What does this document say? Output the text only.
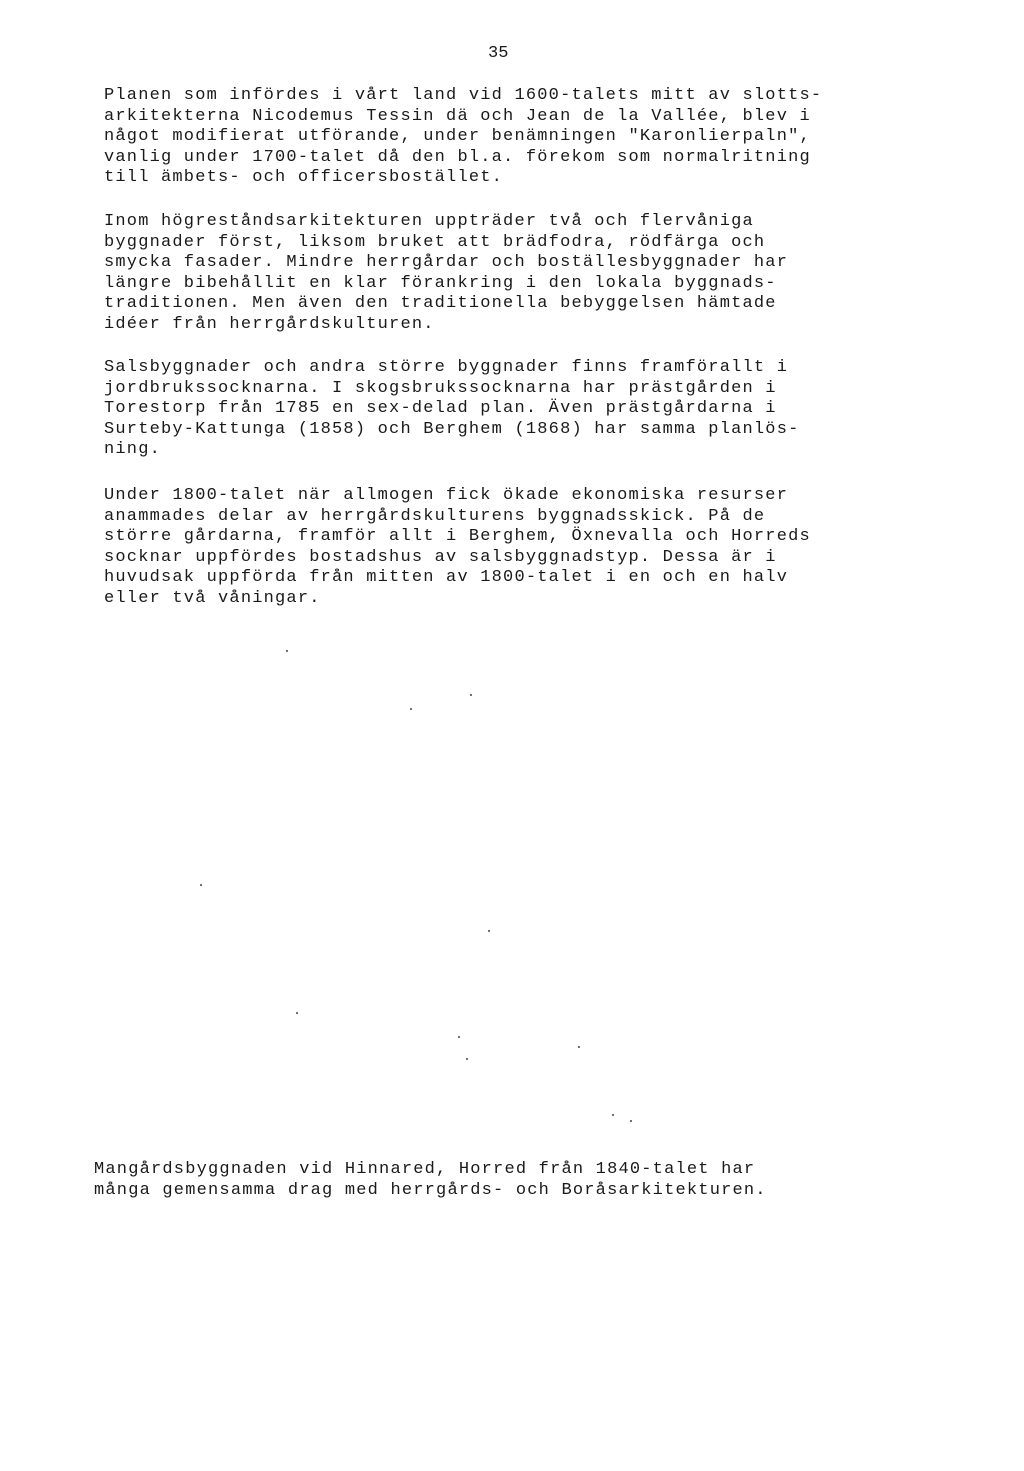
35
Planen som infördes i vårt land vid 1600-talets mitt av slotts-
arkitekterna Nicodemus Tessin dä och Jean de la Vallée, blev i
något modifierat utförande, under benämningen "Karonlierpaln",
vanlig under 1700-talet då den bl.a. förekom som normalritning
till ämbets- och officersbostället.
Inom högreståndsarkitekturen uppträder två och flervåniga
byggnader först, liksom bruket att brädfodra, rödfärga och
smycka fasader. Mindre herrgårdar och boställesbyggnader har
längre bibehållit en klar förankring i den lokala byggnads-
traditionen. Men även den traditionella bebyggelsen hämtade
idéer från herrgårdskulturen.
Salsbyggnader och andra större byggnader finns framförallt i
jordbrukssocknarna. I skogsbrukssocknarna har prästgården i
Torestorp från 1785 en sex-delad plan. Även prästgårdarna i
Surteby-Kattunga (1858) och Berghem (1868) har samma planlös-
ning.
Under 1800-talet när allmogen fick ökade ekonomiska resurser
anammades delar av herrgårdskulturens byggnadsskick. På de
större gårdarna, framför allt i Berghem, Öxnevalla och Horreds
socknar uppfördes bostadshus av salsbyggnadstyp. Dessa är i
huvudsak uppförda från mitten av 1800-talet i en och en halv
eller två våningar.
Mangårdsbyggnaden vid Hinnared, Horred från 1840-talet har
många gemensamma drag med herrgårds- och Boråsarkitekturen.
